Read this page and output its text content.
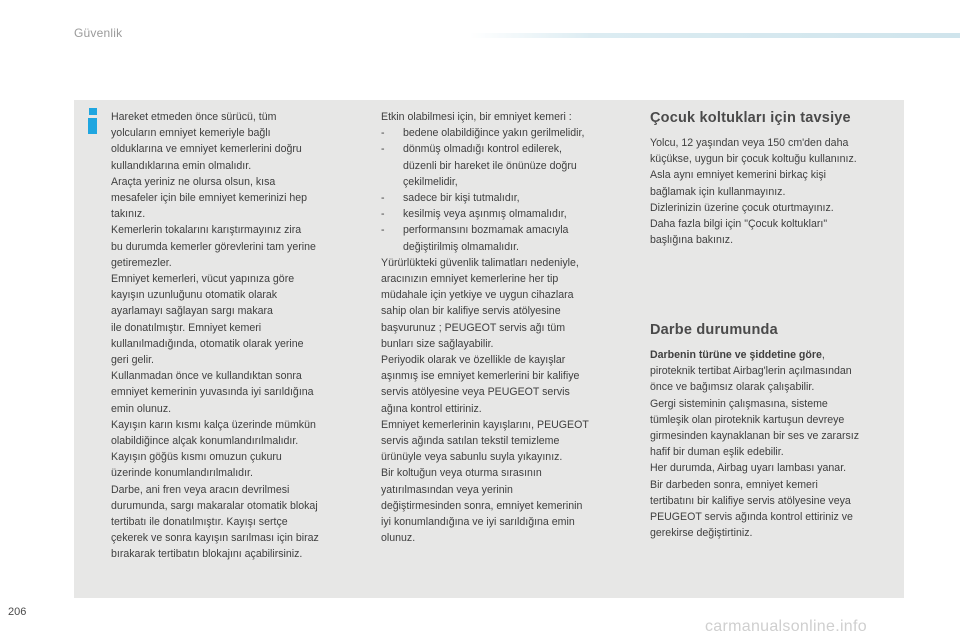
Güvenlik

Hareket etmeden önce sürücü, tüm

yolcuların emniyet kemeriyle bağlı

olduklarına ve emniyet kemerlerini doğru

kullandıklarına emin olmalıdır.

Araçta yeriniz ne olursa olsun, kısa

mesafeler için bile emniyet kemerinizi hep

takınız.

Kemerlerin tokalarını karıştırmayınız zira

bu durumda kemerler görevlerini tam yerine

getiremezler.

Emniyet kemerleri, vücut yapınıza göre

kayışın uzunluğunu otomatik olarak

ayarlamayı sağlayan sargı makara

ile donatılmıştır. Emniyet kemeri

kullanılmadığında, otomatik olarak yerine

geri gelir.

Kullanmadan önce ve kullandıktan sonra

emniyet kemerinin yuvasında iyi sarıldığına

emin olunuz.

Kayışın karın kısmı kalça üzerinde mümkün

olabildiğince alçak konumlandırılmalıdır.

Kayışın göğüs kısmı omuzun çukuru

üzerinde konumlandırılmalıdır.

Darbe, ani fren veya aracın devrilmesi

durumunda, sargı makaralar otomatik blokaj

tertibatı ile donatılmıştır. Kayışı sertçe

çekerek ve sonra kayışın sarılması için biraz

bırakarak tertibatın blokajını açabilirsiniz.

Etkin olabilmesi için, bir emniyet kemeri :

-	bedene olabildiğince yakın gerilmelidir,
-	dönmüş olmadığı kontrol edilerek,
düzenli bir hareket ile önünüze doğru
çekilmelidir,
-	sadece bir kişi tutmalıdır,
-	kesilmiş veya aşınmış olmamalıdır,
-	performansını bozmamak amacıyla
değiştirilmiş olmamalıdır.

Yürürlükteki güvenlik talimatları nedeniyle,

aracınızın emniyet kemerlerine her tip

müdahale için yetkiye ve uygun cihazlara

sahip olan bir kalifiye servis atölyesine

başvurunuz ; PEUGEOT servis ağı tüm

bunları size sağlayabilir.

Periyodik olarak ve özellikle de kayışlar

aşınmış ise emniyet kemerlerini bir kalifiye

servis atölyesine veya PEUGEOT servis

ağına kontrol ettiriniz.

Emniyet kemerlerinin kayışlarını, PEUGEOT

servis ağında satılan tekstil temizleme

ürünüyle veya sabunlu suyla yıkayınız.

Bir koltuğun veya oturma sırasının

yatırılmasından veya yerinin

değiştirmesinden sonra, emniyet kemerinin

iyi konumlandığına ve iyi sarıldığına emin

olunuz.

Çocuk koltukları için tavsiye

Yolcu, 12 yaşından veya 150 cm'den daha

küçükse, uygun bir çocuk koltuğu kullanınız.

Asla aynı emniyet kemerini birkaç kişi

bağlamak için kullanmayınız.

Dizlerinizin üzerine çocuk oturtmayınız.

Daha fazla bilgi için "Çocuk koltukları"

başlığına bakınız.

Darbe durumunda

Darbenin türüne ve şiddetine göre,

piroteknik tertibat Airbag'lerin açılmasından

önce ve bağımsız olarak çalışabilir.

Gergi sisteminin çalışmasına, sisteme

tümleşik olan piroteknik kartuşun devreye

girmesinden kaynaklanan bir ses ve zararsız

hafif bir duman eşlik edebilir.

Her durumda, Airbag uyarı lambası yanar.

Bir darbeden sonra, emniyet kemeri

tertibatını bir kalifiye servis atölyesine veya

PEUGEOT servis ağında kontrol ettiriniz ve

gerekirse değiştirtiniz.

206
carmanualsonline.info
